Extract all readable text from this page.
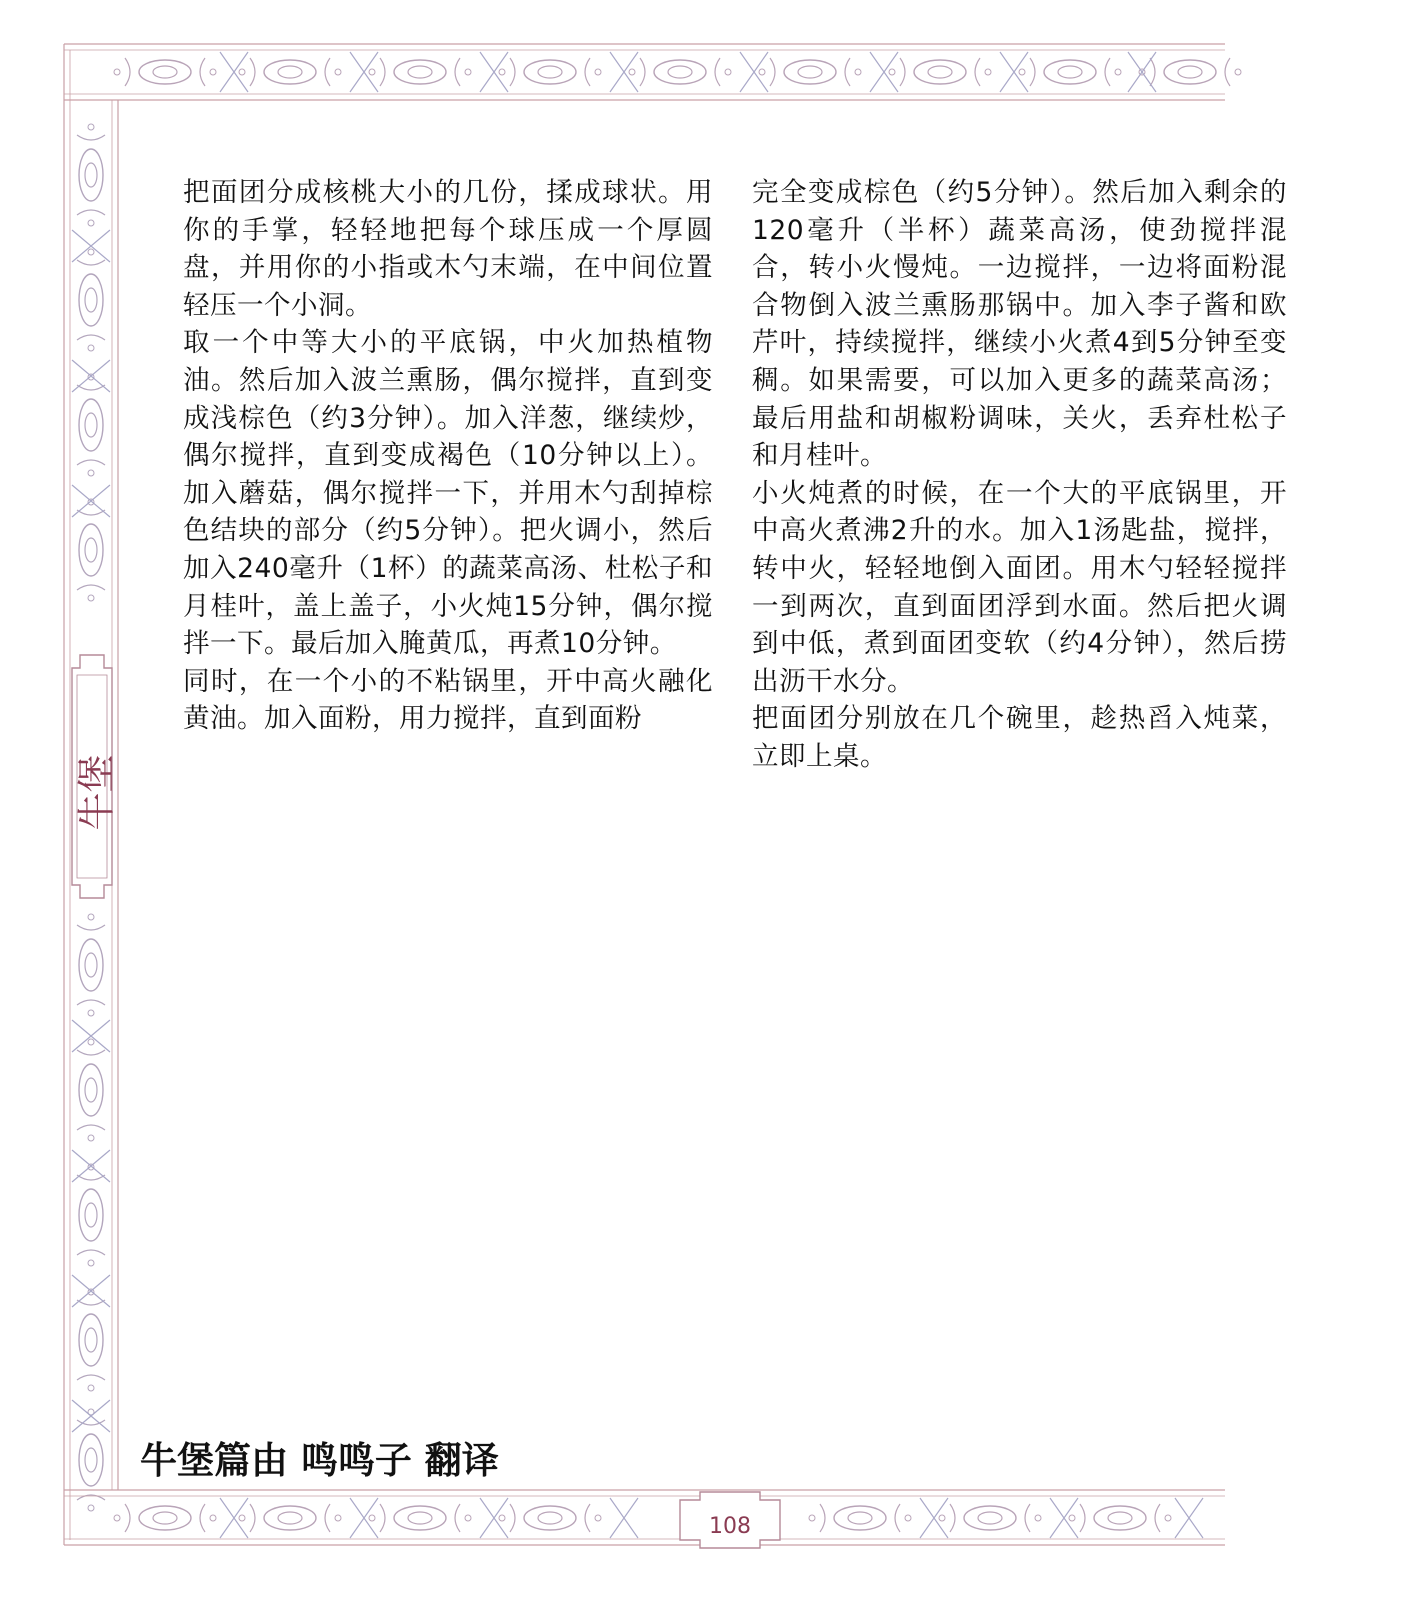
牛堡

把面团分成核桃大小的几份，揉成球状。用你的手掌，轻轻地把每个球压成一个厚圆盘，并用你的小指或木勺末端，在中间位置轻压一个小洞。

取一个中等大小的平底锅，中火加热植物油。然后加入波兰熏肠，偶尔搅拌，直到变成浅棕色（约3分钟）。加入洋葱，继续炒，偶尔搅拌，直到变成褐色（10分钟以上）。加入蘑菇，偶尔搅拌一下，并用木勺刮掉棕色结块的部分（约5分钟）。把火调小，然后加入240毫升（1杯）的蔬菜高汤、杜松子和月桂叶，盖上盖子，小火炖15分钟，偶尔搅拌一下。最后加入腌黄瓜，再煮10分钟。

同时，在一个小的不粘锅里，开中高火融化黄油。加入面粉，用力搅拌，直到面粉

完全变成棕色（约5分钟）。然后加入剩余的120毫升（半杯）蔬菜高汤，使劲搅拌混合，转小火慢炖。一边搅拌，一边将面粉混合物倒入波兰熏肠那锅中。加入李子酱和欧芹叶，持续搅拌，继续小火煮4到5分钟至变稠。如果需要，可以加入更多的蔬菜高汤；最后用盐和胡椒粉调味，关火，丢弃杜松子和月桂叶。

小火炖煮的时候，在一个大的平底锅里，开中高火煮沸2升的水。加入1汤匙盐，搅拌，转中火，轻轻地倒入面团。用木勺轻轻搅拌一到两次，直到面团浮到水面。然后把火调到中低，煮到面团变软（约4分钟），然后捞出沥干水分。

把面团分别放在几个碗里，趁热舀入炖菜，立即上桌。

牛堡篇由 鸣鸣子 翻译
108
